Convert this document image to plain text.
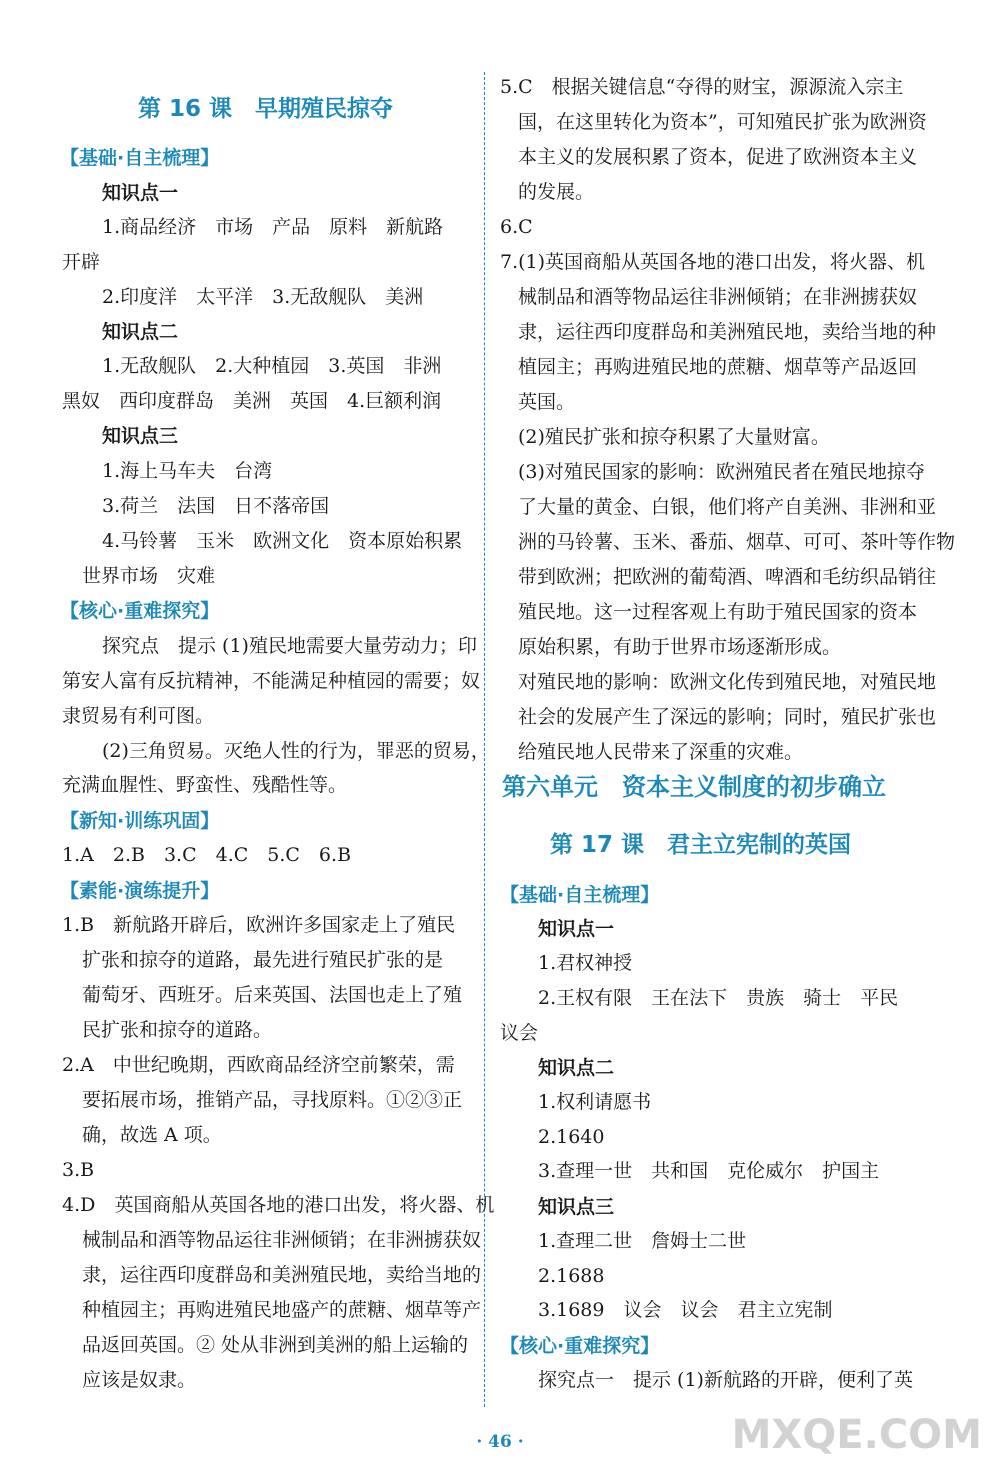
第 16 课　早期殖民掠夺
【基础·自主梳理】
知识点一
1.商品经济　市场　产品　原料　新航路
开辟
2.印度洋　太平洋　3.无敌舰队　美洲
知识点二
1.无敌舰队　2.大种植园　3.英国　非洲
黑奴　西印度群岛　美洲　英国　4.巨额利润
知识点三
1.海上马车夫　台湾
3.荷兰　法国　日不落帝国
4.马铃薯　玉米　欧洲文化　资本原始积累
世界市场　灾难
【核心·重难探究】
探究点　提示 (1)殖民地需要大量劳动力；印
第安人富有反抗精神，不能满足种植园的需要；奴
隶贸易有利可图。
(2)三角贸易。灭绝人性的行为，罪恶的贸易，
充满血腥性、野蛮性、残酷性等。
【新知·训练巩固】
1.A　2.B　3.C　4.C　5.C　6.B
【素能·演练提升】
1.B　新航路开辟后，欧洲许多国家走上了殖民
扩张和掠夺的道路，最先进行殖民扩张的是
葡萄牙、西班牙。后来英国、法国也走上了殖
民扩张和掠夺的道路。
2.A　中世纪晚期，西欧商品经济空前繁荣，需
要拓展市场，推销产品，寻找原料。①②③正
确，故选 A 项。
3.B
4.D　英国商船从英国各地的港口出发，将火器、机
械制品和酒等物品运往非洲倾销；在非洲掳获奴
隶，运往西印度群岛和美洲殖民地，卖给当地的
种植园主；再购进殖民地盛产的蔗糖、烟草等产
品返回英国。② 处从非洲到美洲的船上运输的
应该是奴隶。
5.C　根据关键信息“夺得的财宝，源源流入宗主
国，在这里转化为资本”，可知殖民扩张为欧洲资
本主义的发展积累了资本，促进了欧洲资本主义
的发展。
6.C
7.(1)英国商船从英国各地的港口出发，将火器、机
械制品和酒等物品运往非洲倾销；在非洲掳获奴
隶，运往西印度群岛和美洲殖民地，卖给当地的种
植园主；再购进殖民地的蔗糖、烟草等产品返回
英国。
(2)殖民扩张和掠夺积累了大量财富。
(3)对殖民国家的影响：欧洲殖民者在殖民地掠夺
了大量的黄金、白银，他们将产自美洲、非洲和亚
洲的马铃薯、玉米、番茄、烟草、可可、茶叶等作物
带到欧洲；把欧洲的葡萄酒、啤酒和毛纺织品销往
殖民地。这一过程客观上有助于殖民国家的资本
原始积累，有助于世界市场逐渐形成。
对殖民地的影响：欧洲文化传到殖民地，对殖民地
社会的发展产生了深远的影响；同时，殖民扩张也
给殖民地人民带来了深重的灾难。
第六单元　资本主义制度的初步确立
第 17 课　君主立宪制的英国
【基础·自主梳理】
知识点一
1.君权神授
2.王权有限　王在法下　贵族　骑士　平民
议会
知识点二
1.权利请愿书
2.1640
3.查理一世　共和国　克伦威尔　护国主
知识点三
1.查理二世　詹姆士二世
2.1688
3.1689　议会　议会　君主立宪制
【核心·重难探究】
探究点一　提示 (1)新航路的开辟，便利了英
· 46 ·	MXQE.COM
